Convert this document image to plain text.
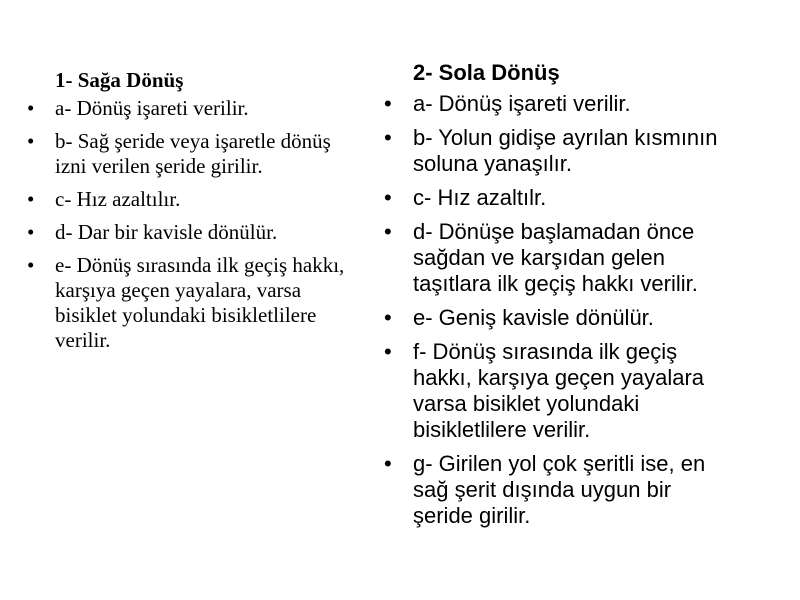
1- Sağa Dönüş
• a- Dönüş işareti verilir.
• b- Sağ şeride veya işaretle dönüş izni verilen şeride girilir.
• c- Hız azaltılır.
• d- Dar bir kavisle dönülür.
• e- Dönüş sırasında ilk geçiş hakkı, karşıya geçen yayalara, varsa bisiklet yolundaki bisikletlilere verilir.
2- Sola Dönüş
• a- Dönüş işareti verilir.
• b- Yolun gidişe ayrılan kısmının soluna yanaşılır.
• c- Hız azaltılr.
• d- Dönüşe başlamadan önce sağdan ve karşıdan gelen taşıtlara ilk geçiş hakkı verilir.
• e- Geniş kavisle dönülür.
• f- Dönüş sırasında ilk geçiş hakkı, karşıya geçen yayalara varsa bisiklet yolundaki bisikletlilere verilir.
• g- Girilen yol çok şeritli ise, en sağ şerit dışında uygun bir şeride girilir.
